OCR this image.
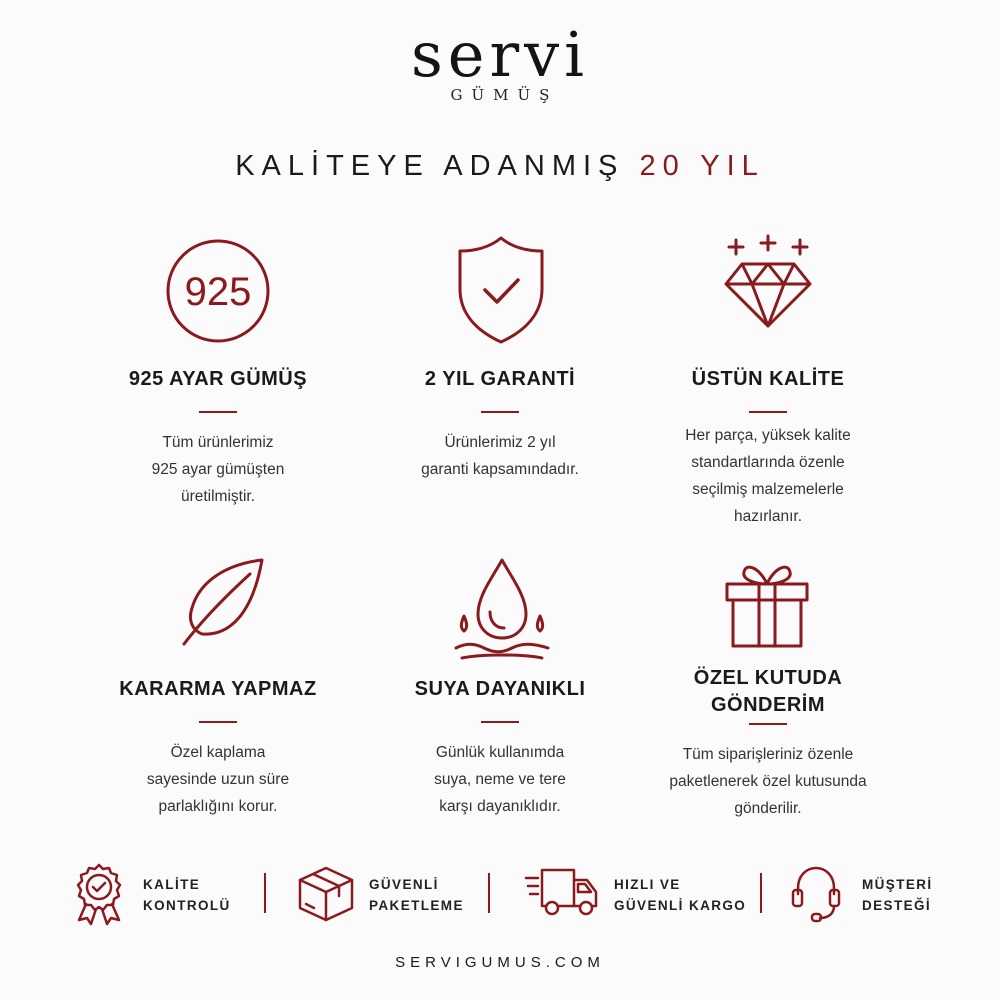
servi
GÜMÜŞ
KALİTEYE ADANMIŞ 20 YIL
925
925 AYAR GÜMÜŞ
Tüm ürünlerimiz
925 ayar gümüşten
üretilmiştir.
2 YIL GARANTİ
Ürünlerimiz 2 yıl
garanti kapsamındadır.
ÜSTÜN KALİTE
Her parça, yüksek kalite
standartlarında özenle
seçilmiş malzemelerle
hazırlanır.
KARARMA YAPMAZ
Özel kaplama
sayesinde uzun süre
parlaklığını korur.
SUYA DAYANIKLI
Günlük kullanımda
suya, neme ve tere
karşı dayanıklıdır.
ÖZEL KUTUDA
GÖNDERİM
Tüm siparişleriniz özenle
paketlenerek özel kutusunda
gönderilir.
KALİTE
KONTROLÜ
GÜVENLİ
PAKETLEME
HIZLI VE
GÜVENLİ KARGO
MÜŞTERİ
DESTEĞİ
SERVIGUMUS.COM
